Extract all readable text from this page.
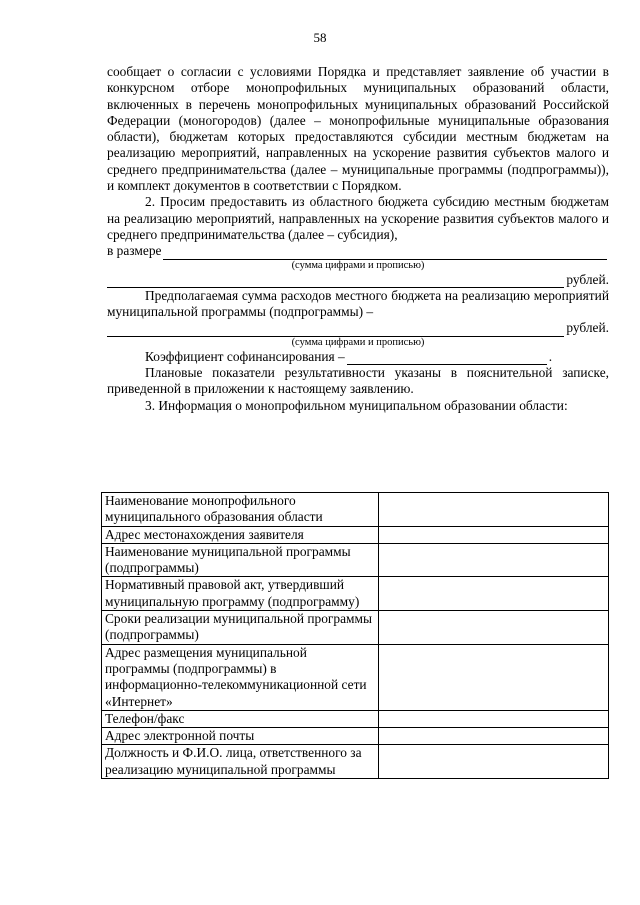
58

сообщает о согласии с условиями Порядка и представляет заявление об участии в конкурсном отборе монопрофильных муниципальных образований области, включенных в перечень монопрофильных муниципальных образований Российской Федерации (моногородов) (далее – монопрофильные муниципальные образования области), бюджетам которых предоставляются субсидии местным бюджетам на реализацию мероприятий, направленных на ускорение развития субъектов малого и среднего предпринимательства (далее – муниципальные программы (подпрограммы)), и комплект документов в соответствии с Порядком.

2. Просим предоставить из областного бюджета субсидию местным бюджетам на реализацию мероприятий, направленных на ускорение развития субъектов малого и среднего предпринимательства (далее – субсидия),

в размере
(сумма цифрами и прописью)
рублей.

Предполагаемая сумма расходов местного бюджета на реализацию мероприятий муниципальной программы (подпрограммы) –

рублей.
(сумма цифрами и прописью)
Коэффициент софинансирования –	.

Плановые показатели результативности указаны в пояснительной записке, приведенной в приложении к настоящему заявлению.

3. Информация о монопрофильном муниципальном образовании области:

Наименование монопрофильного муниципального образования области	
Адрес местонахождения заявителя	
Наименование муниципальной программы (подпрограммы)	
Нормативный правовой акт, утвердивший муниципальную программу (подпрограмму)	
Сроки реализации муниципальной программы (подпрограммы)	
Адрес размещения муниципальной программы (подпрограммы) в информационно-телекоммуникационной сети «Интернет»	
Телефон/факс	
Адрес электронной почты	
Должность и Ф.И.О. лица, ответственного за реализацию муниципальной программы	
